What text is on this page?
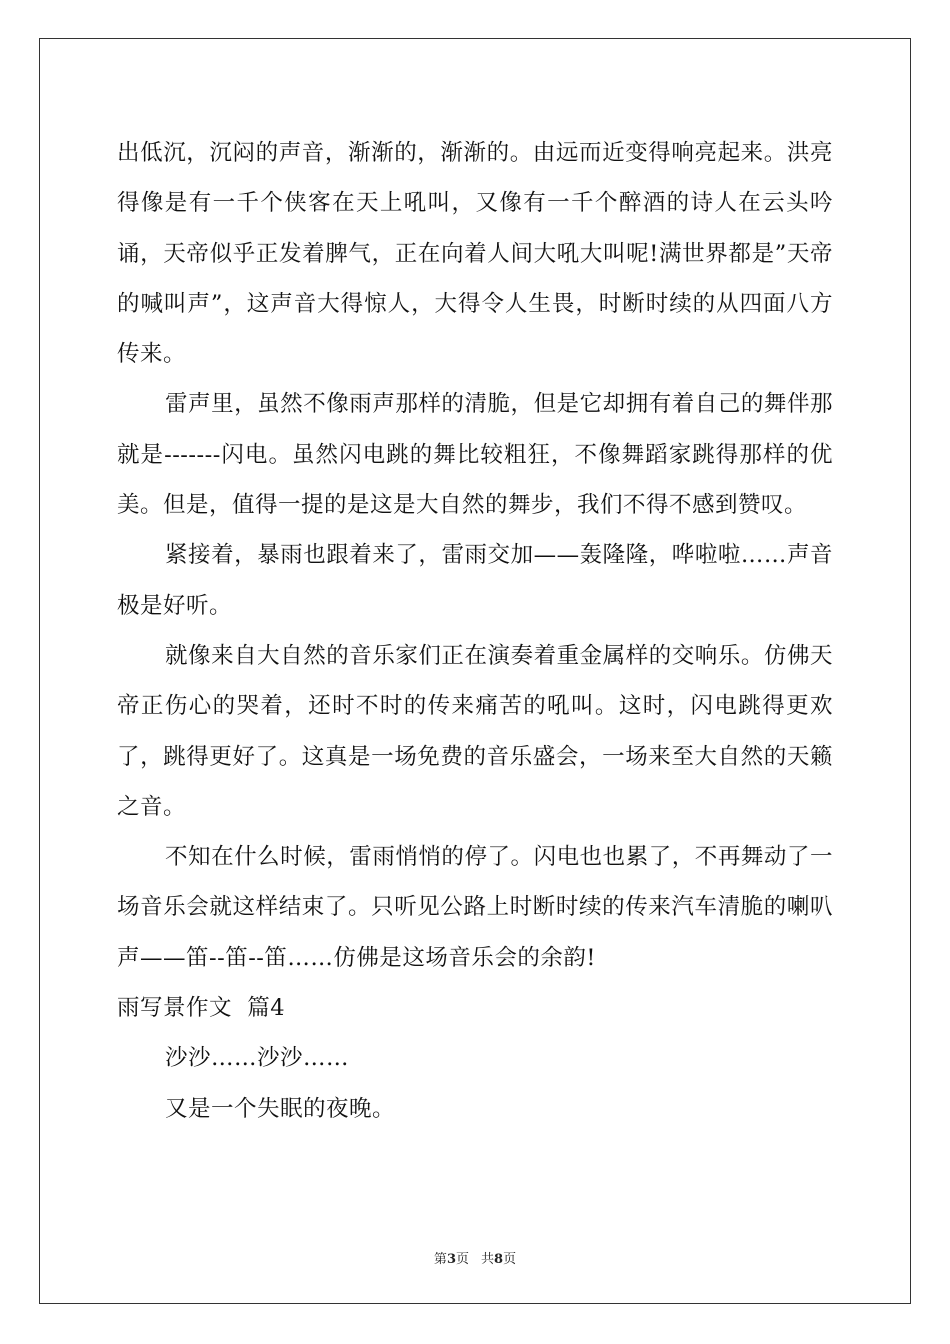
出低沉，沉闷的声音，渐渐的，渐渐的。由远而近变得响亮起来。洪亮得像是有一千个侠客在天上吼叫，又像有一千个醉酒的诗人在云头吟诵，天帝似乎正发着脾气，正在向着人间大吼大叫呢!满世界都是”天帝的喊叫声”，这声音大得惊人，大得令人生畏，时断时续的从四面八方传来。

雷声里，虽然不像雨声那样的清脆，但是它却拥有着自己的舞伴那就是-------闪电。虽然闪电跳的舞比较粗狂，不像舞蹈家跳得那样的优美。但是，值得一提的是这是大自然的舞步，我们不得不感到赞叹。

紧接着，暴雨也跟着来了，雷雨交加——轰隆隆，哗啦啦……声音极是好听。

就像来自大自然的音乐家们正在演奏着重金属样的交响乐。仿佛天帝正伤心的哭着，还时不时的传来痛苦的吼叫。这时，闪电跳得更欢了，跳得更好了。这真是一场免费的音乐盛会，一场来至大自然的天籁之音。

不知在什么时候，雷雨悄悄的停了。闪电也也累了，不再舞动了一场音乐会就这样结束了。只听见公路上时断时续的传来汽车清脆的喇叭声——笛--笛--笛……仿佛是这场音乐会的余韵!

雨写景作文  篇4

沙沙……沙沙……

又是一个失眠的夜晚。

第3页 共8页
